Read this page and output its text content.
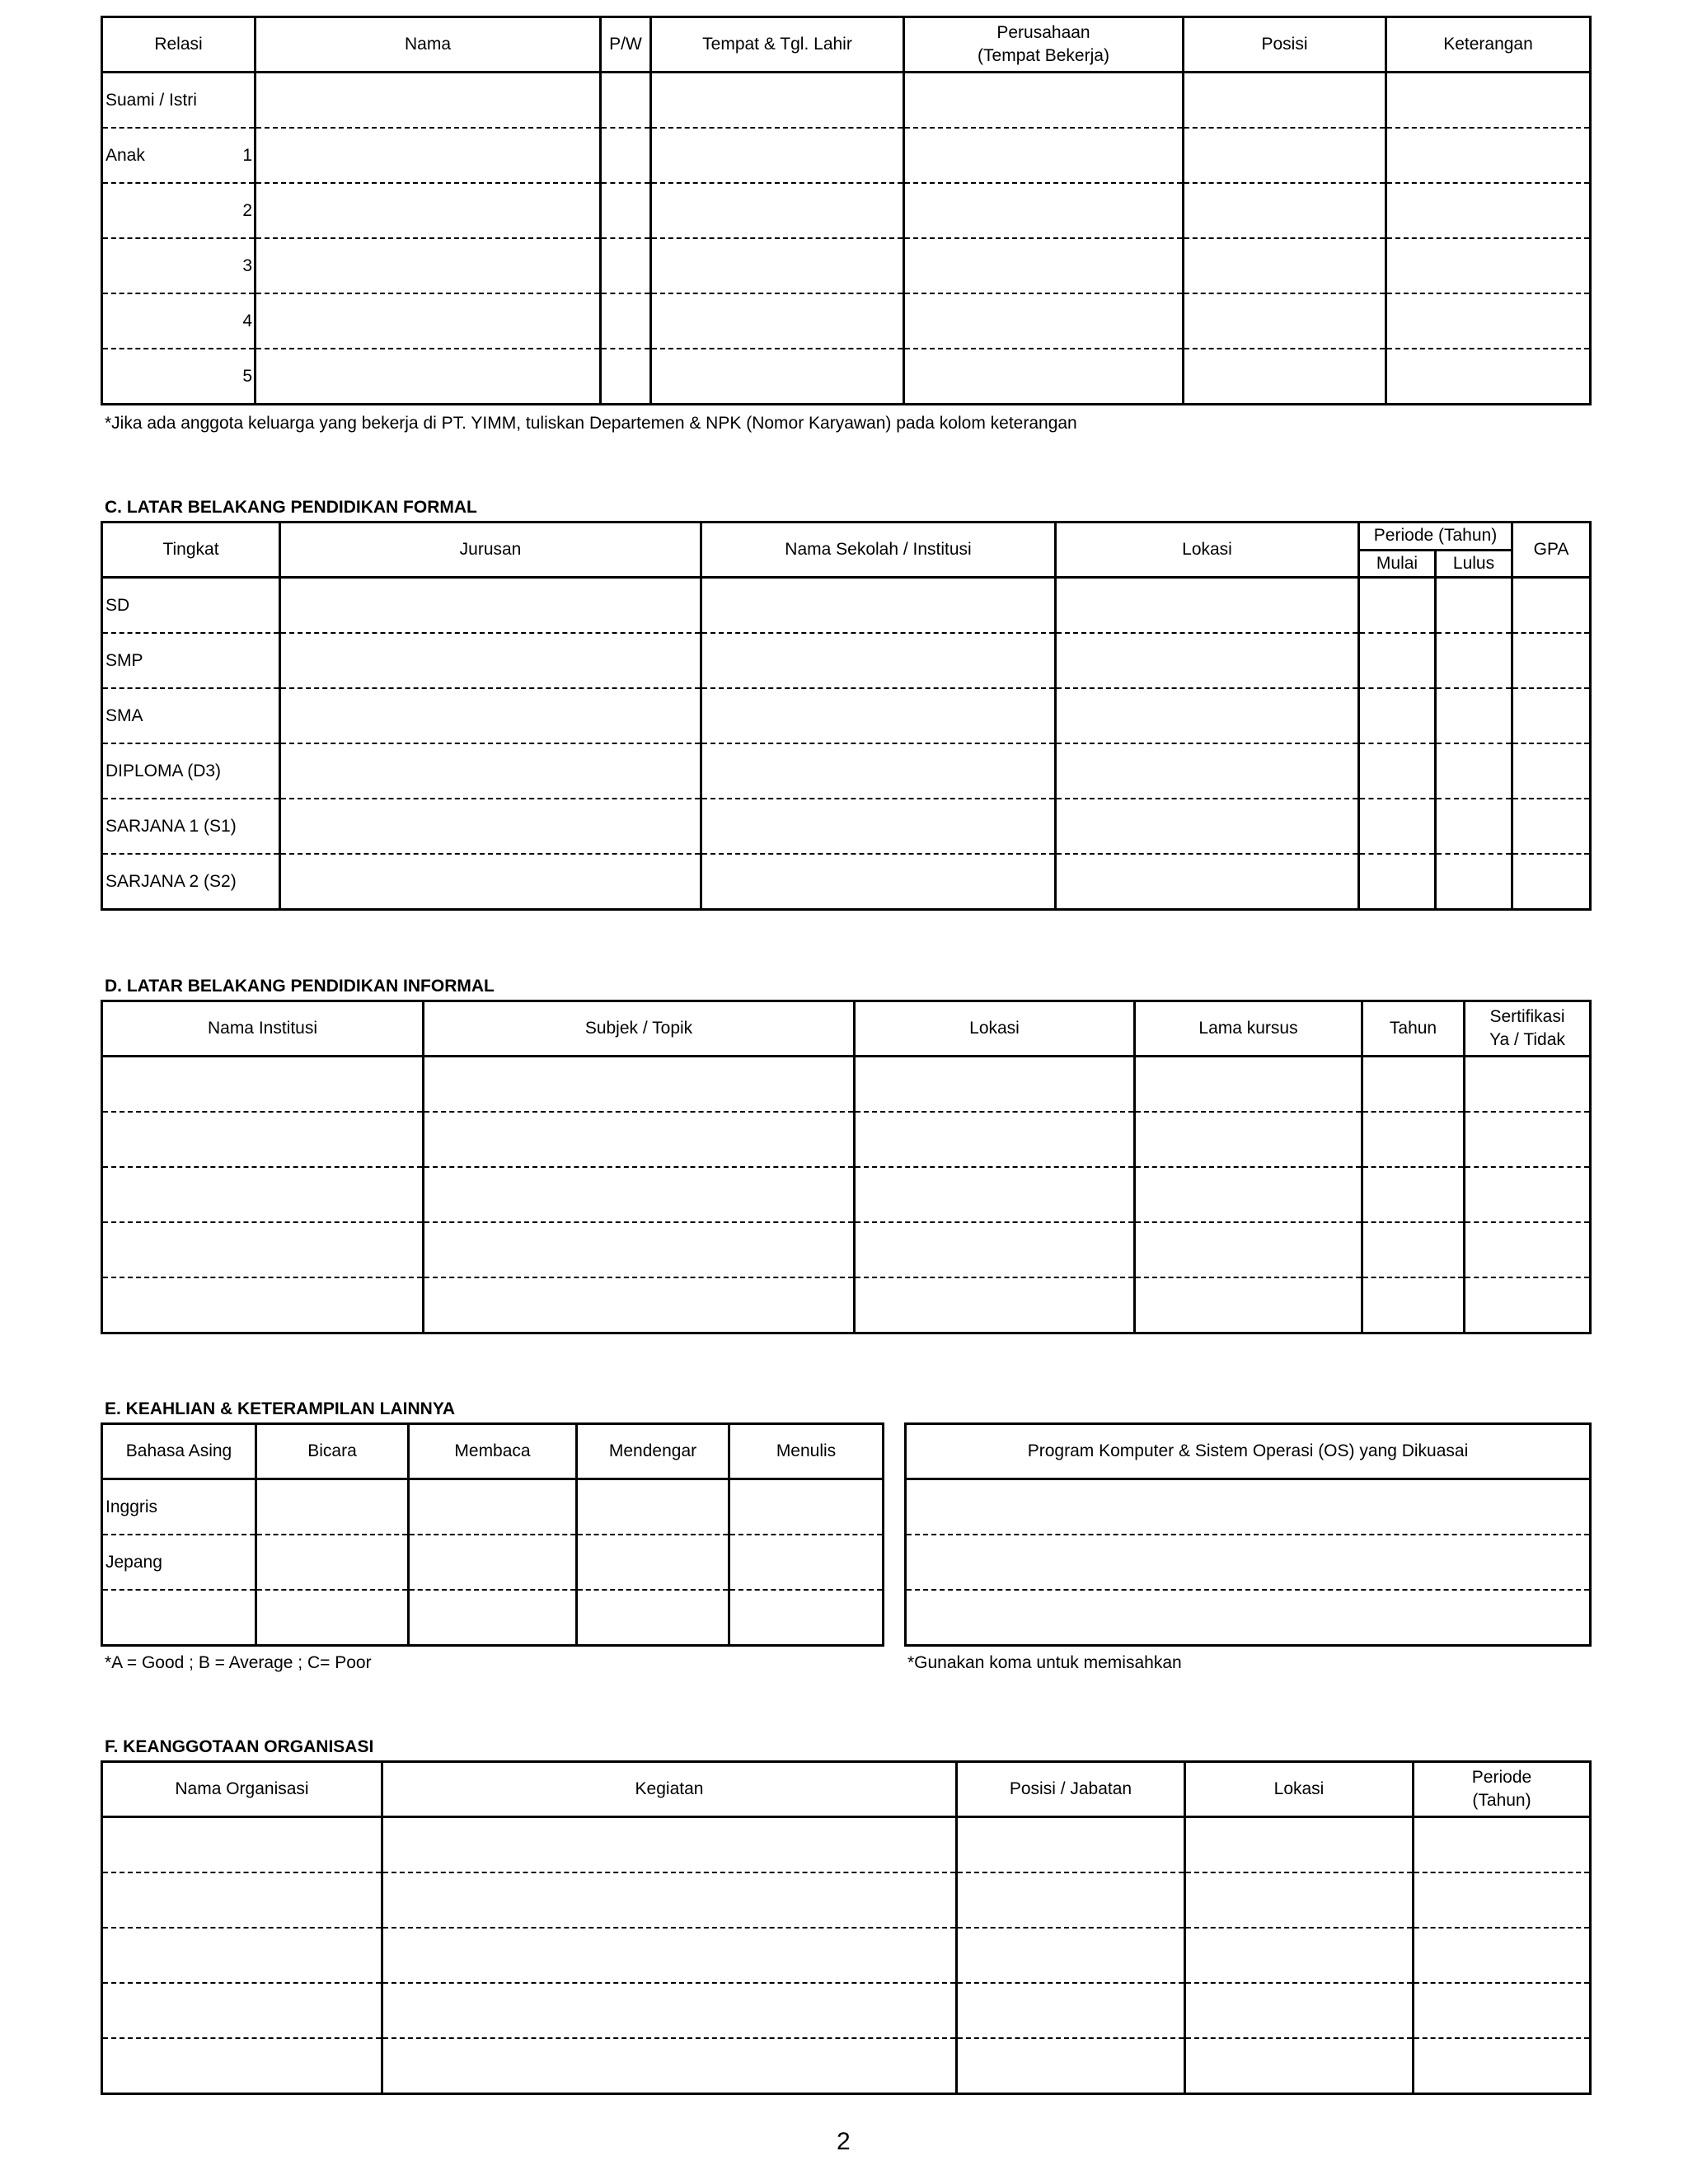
Relasi	Nama	P/W	Tempat & Tgl. Lahir	Perusahaan
(Tempat Bekerja)	Posisi	Keterangan

Suami / Istri						

Anak 1						

2						

3						

4						

5						

*Jika ada anggota keluarga yang bekerja di PT. YIMM, tuliskan Departemen & NPK (Nomor Karyawan) pada kolom keterangan
C. LATAR BELAKANG PENDIDIKAN FORMAL
Tingkat	Jurusan	Nama Sekolah / Institusi	Lokasi	Periode (Tahun)		GPA
				Mulai	Lulus	
SD						
SMP						
SMA						
DIPLOMA (D3)						
SARJANA 1 (S1)						
SARJANA 2 (S2)						
D. LATAR BELAKANG PENDIDIKAN INFORMAL
Nama Institusi	Subjek / Topik	Lokasi	Lama kursus	Tahun	Sertifikasi
Ya / Tidak

E. KEAHLIAN & KETERAMPILAN LAINNYA
Bahasa Asing	Bicara	Membaca	Mendengar	Menulis
Inggris				
Jepang				

*A = Good ; B = Average ; C= Poor
Program Komputer & Sistem Operasi (OS) yang Dikuasai

*Gunakan koma untuk memisahkan
F. KEANGGOTAAN ORGANISASI
Nama Organisasi	Kegiatan	Posisi / Jabatan	Lokasi	Periode
(Tahun)

2
